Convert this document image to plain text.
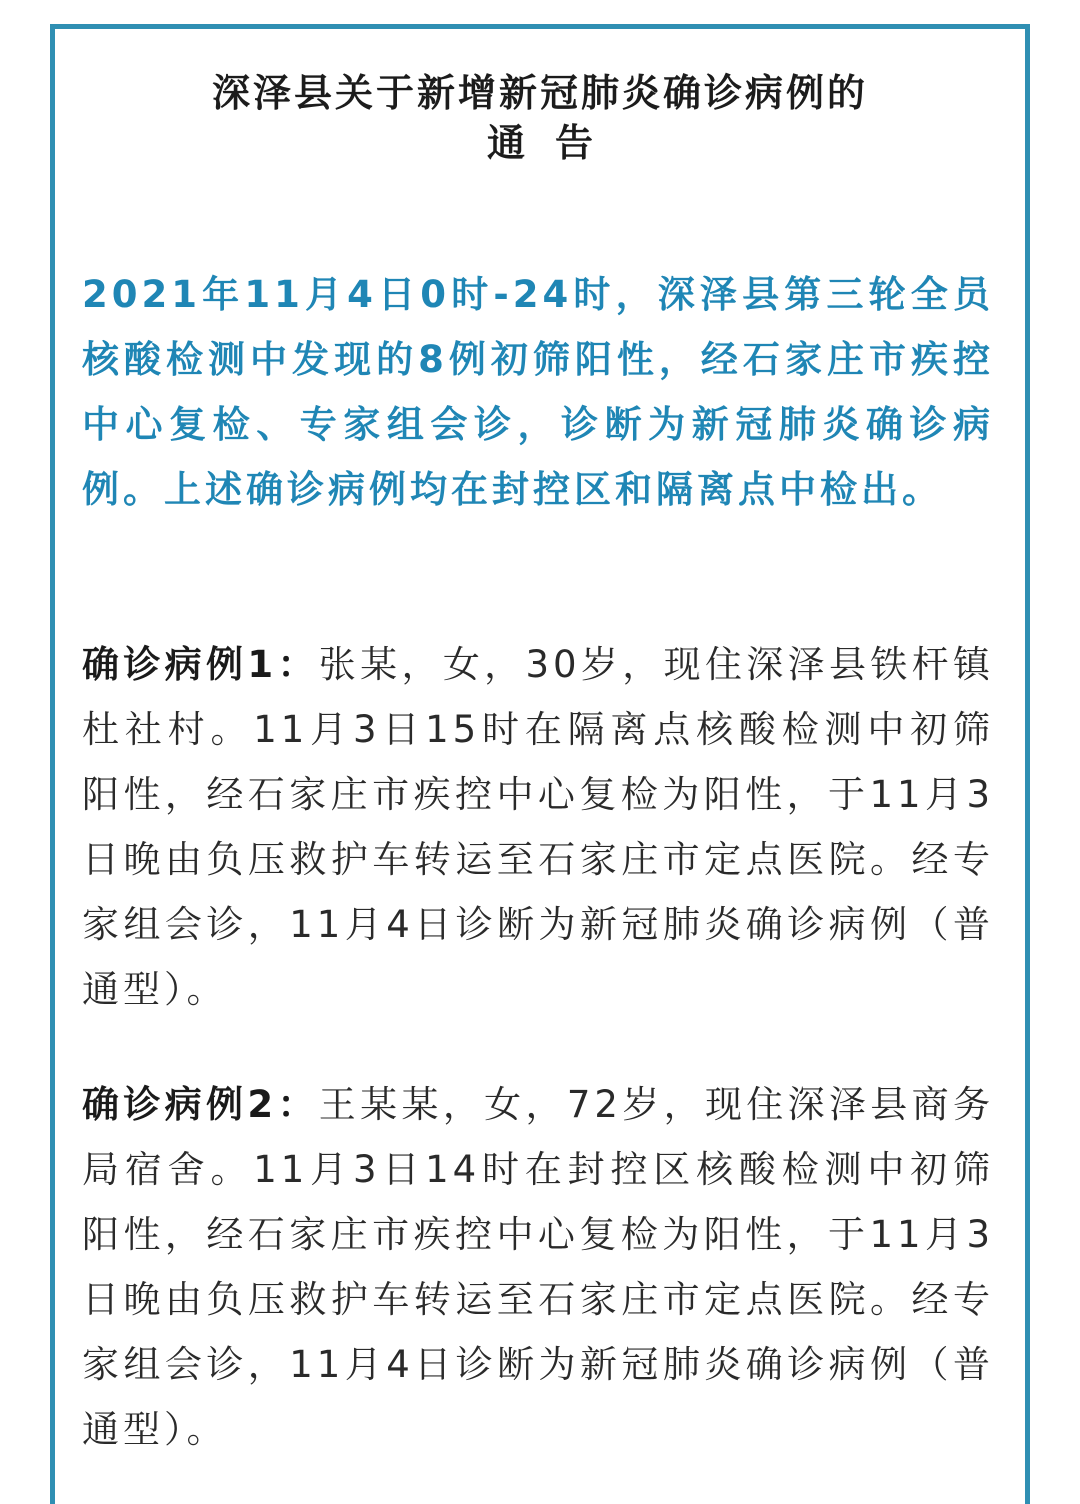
深泽县关于新增新冠肺炎确诊病例的
通告

2021年11月4日0时-24时，深泽县第三轮全员核酸检测中发现的8例初筛阳性，经石家庄市疾控中心复检、专家组会诊，诊断为新冠肺炎确诊病例。上述确诊病例均在封控区和隔离点中检出。

确诊病例1：张某，女，30岁，现住深泽县铁杆镇杜社村。11月3日15时在隔离点核酸检测中初筛阳性，经石家庄市疾控中心复检为阳性，于11月3日晚由负压救护车转运至石家庄市定点医院。经专家组会诊，11月4日诊断为新冠肺炎确诊病例（普通型）。

确诊病例2：王某某，女，72岁，现住深泽县商务局宿舍。11月3日14时在封控区核酸检测中初筛阳性，经石家庄市疾控中心复检为阳性，于11月3日晚由负压救护车转运至石家庄市定点医院。经专家组会诊，11月4日诊断为新冠肺炎确诊病例（普通型）。
